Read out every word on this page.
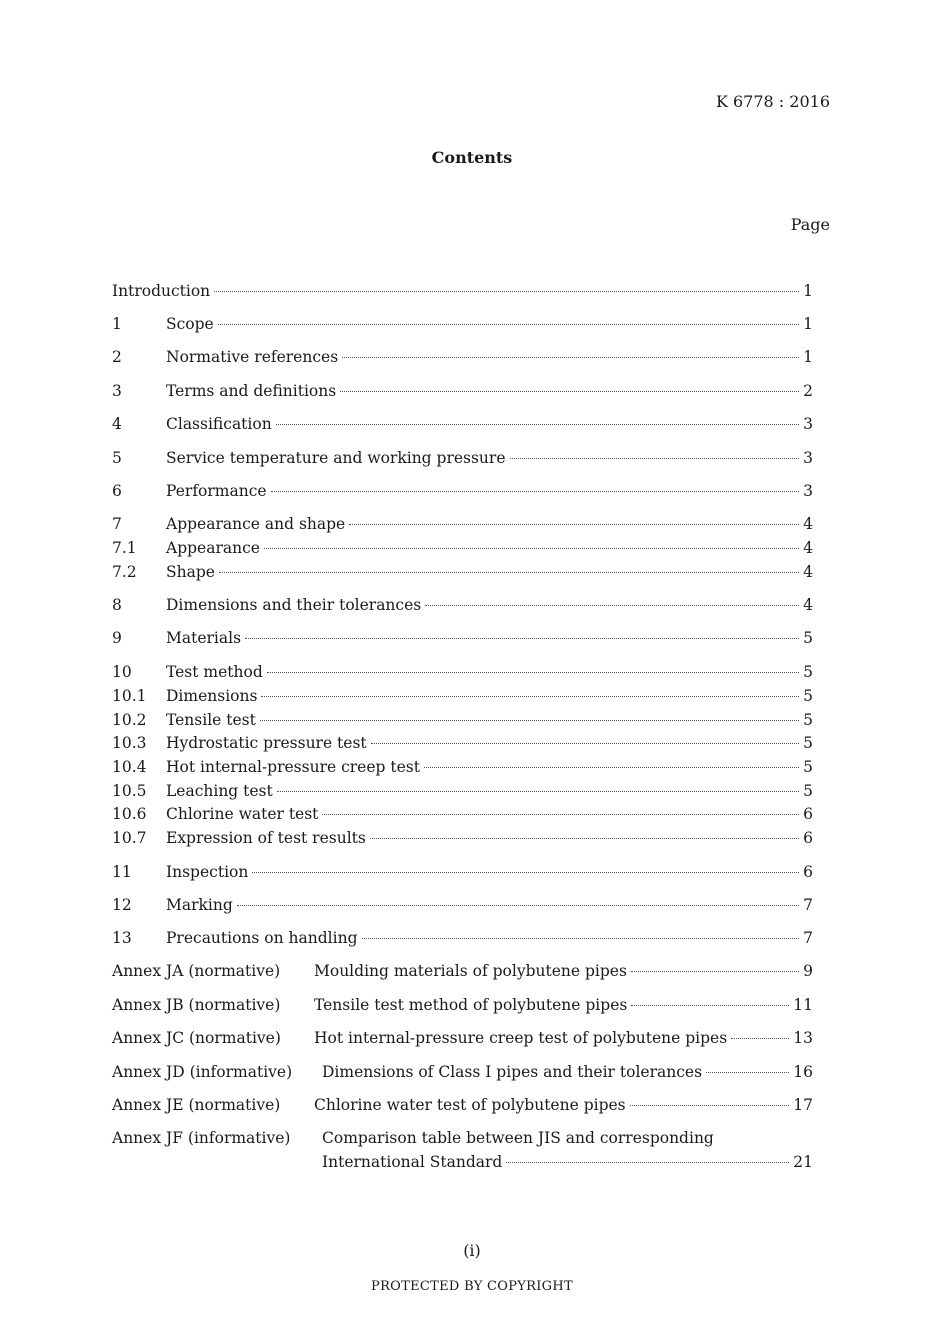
K 6778 : 2016
Contents
Page
Introduction	1
1	Scope	1
2	Normative references	1
3	Terms and definitions	2
4	Classification	3
5	Service temperature and working pressure	3
6	Performance	3
7	Appearance and shape	4
7.1 Appearance	4
7.2 Shape	4
8	Dimensions and their tolerances	4
9	Materials	5
10 Test method	5
10.1 Dimensions	5
10.2 Tensile test	5
10.3 Hydrostatic pressure test	5
10.4 Hot internal-pressure creep test	5
10.5 Leaching test	5
10.6 Chlorine water test	6
10.7 Expression of test results	6
11 Inspection	6
12 Marking	7
13 Precautions on handling	7
Annex JA (normative) Moulding materials of polybutene pipes	9
Annex JB (normative) Tensile test method of polybutene pipes	11
Annex JC (normative) Hot internal-pressure creep test of polybutene pipes	13
Annex JD (informative) Dimensions of Class I pipes and their tolerances	16
Annex JE (normative) Chlorine water test of polybutene pipes	17
Annex JF (informative) Comparison table between JIS and corresponding
International Standard	21
(i)
PROTECTED BY COPYRIGHT
